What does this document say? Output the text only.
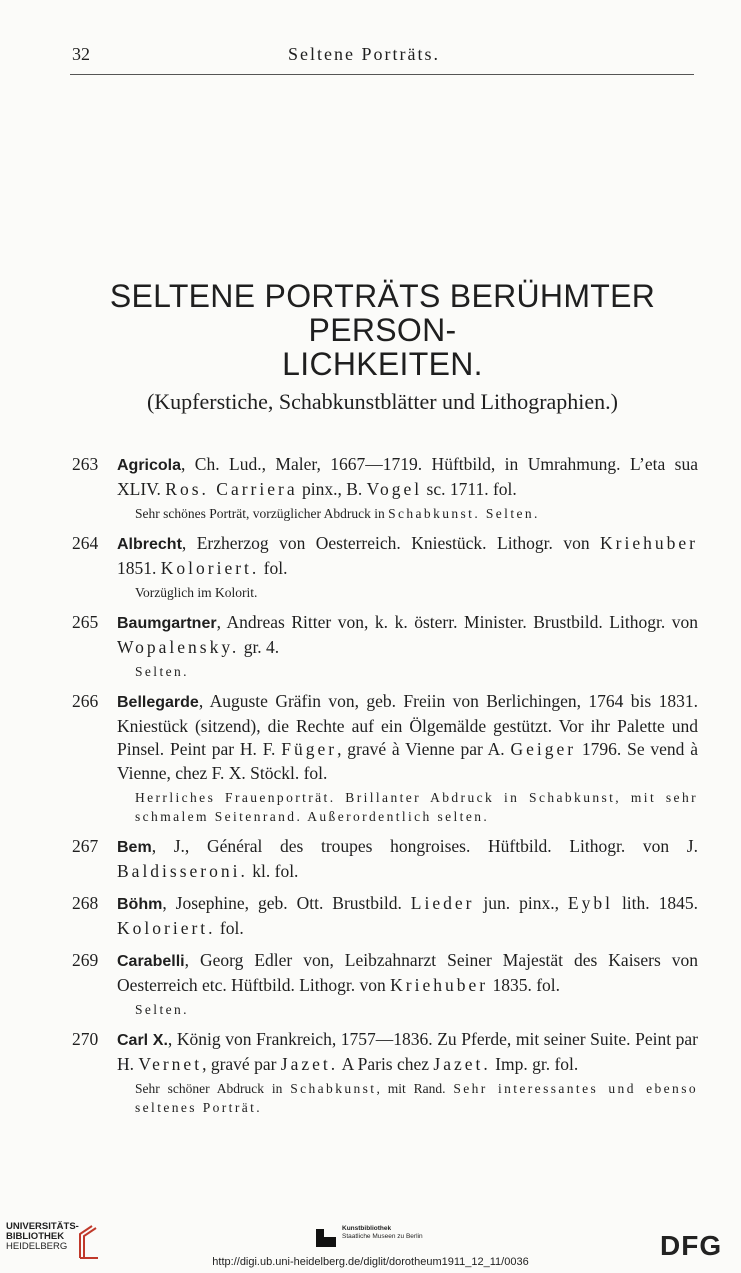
32	Seltene Porträts.
SELTENE PORTRÄTS BERÜHMTER PERSON-
LICHKEITEN.
(Kupferstiche, Schabkunstblätter und Lithographien.)
263 Agricola, Ch. Lud., Maler, 1667—1719. Hüftbild, in Umrahmung. L’eta sua XLIV. Ros. Carriera pinx., B. Vogel sc. 1711. fol.
Sehr schönes Porträt, vorzüglicher Abdruck in Schabkunst. Selten.
264 Albrecht, Erzherzog von Oesterreich. Kniestück. Lithogr. von Kriehuber 1851. Koloriert. fol.
Vorzüglich im Kolorit.
265 Baumgartner, Andreas Ritter von, k. k. österr. Minister. Brustbild. Lithogr. von Wopalensky. gr. 4.
Selten.
266 Bellegarde, Auguste Gräfin von, geb. Freiin von Berlichingen, 1764 bis 1831. Kniestück (sitzend), die Rechte auf ein Ölgemälde gestützt. Vor ihr Palette und Pinsel. Peint par H. F. Füger, gravé à Vienne par A. Geiger 1796. Se vend à Vienne, chez F. X. Stöckl. fol.
Herrliches Frauenporträt. Brillanter Abdruck in Schabkunst, mit sehr schmalem Seitenrand. Außerordentlich selten.
267 Bem, J., Général des troupes hongroises. Hüftbild. Lithogr. von J. Baldisseroni. kl. fol.
268 Böhm, Josephine, geb. Ott. Brustbild. Lieder jun. pinx., Eybl lith. 1845. Koloriert. fol.
269 Carabelli, Georg Edler von, Leibzahnarzt Seiner Majestät des Kaisers von Oesterreich etc. Hüftbild. Lithogr. von Kriehuber 1835. fol.
Selten.
270 Carl X., König von Frankreich, 1757—1836. Zu Pferde, mit seiner Suite. Peint par H. Vernet, gravé par Jazet. A Paris chez Jazet. Imp. gr. fol.
Sehr schöner Abdruck in Schabkunst, mit Rand. Sehr interessantes und ebenso seltenes Porträt.
UNIVERSITÄTS-
BIBLIOTHEK
HEIDELBERG
Kunstbibliothek
Staatliche Museen zu Berlin	DFG
http://digi.ub.uni-heidelberg.de/diglit/dorotheum1911_12_11/0036
